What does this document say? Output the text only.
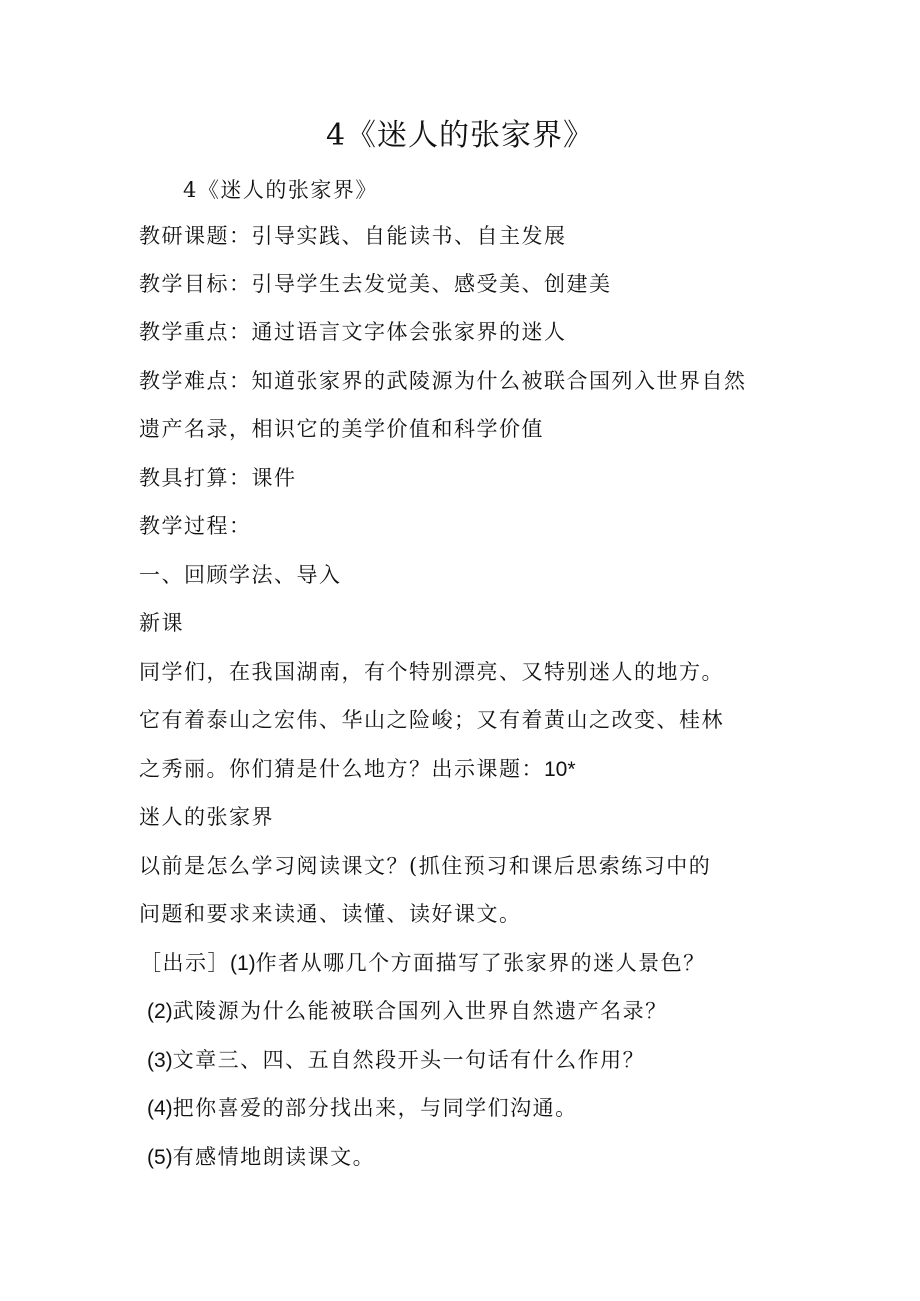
4《迷人的张家界》
4《迷人的张家界》
教研课题：引导实践、自能读书、自主发展
教学目标：引导学生去发觉美、感受美、创建美
教学重点：通过语言文字体会张家界的迷人
教学难点：知道张家界的武陵源为什么被联合国列入世界自然
遗产名录，相识它的美学价值和科学价值
教具打算：课件
教学过程：
一、回顾学法、导入
新课
同学们，在我国湖南，有个特别漂亮、又特别迷人的地方。
它有着泰山之宏伟、华山之险峻；又有着黄山之改变、桂林
之秀丽。你们猜是什么地方？出示课题：10*
迷人的张家界
以前是怎么学习阅读课文？(抓住预习和课后思索练习中的
问题和要求来读通、读懂、读好课文。
［出示］(1)作者从哪几个方面描写了张家界的迷人景色？
(2)武陵源为什么能被联合国列入世界自然遗产名录？
(3)文章三、四、五自然段开头一句话有什么作用？
(4)把你喜爱的部分找出来，与同学们沟通。
(5)有感情地朗读课文。
